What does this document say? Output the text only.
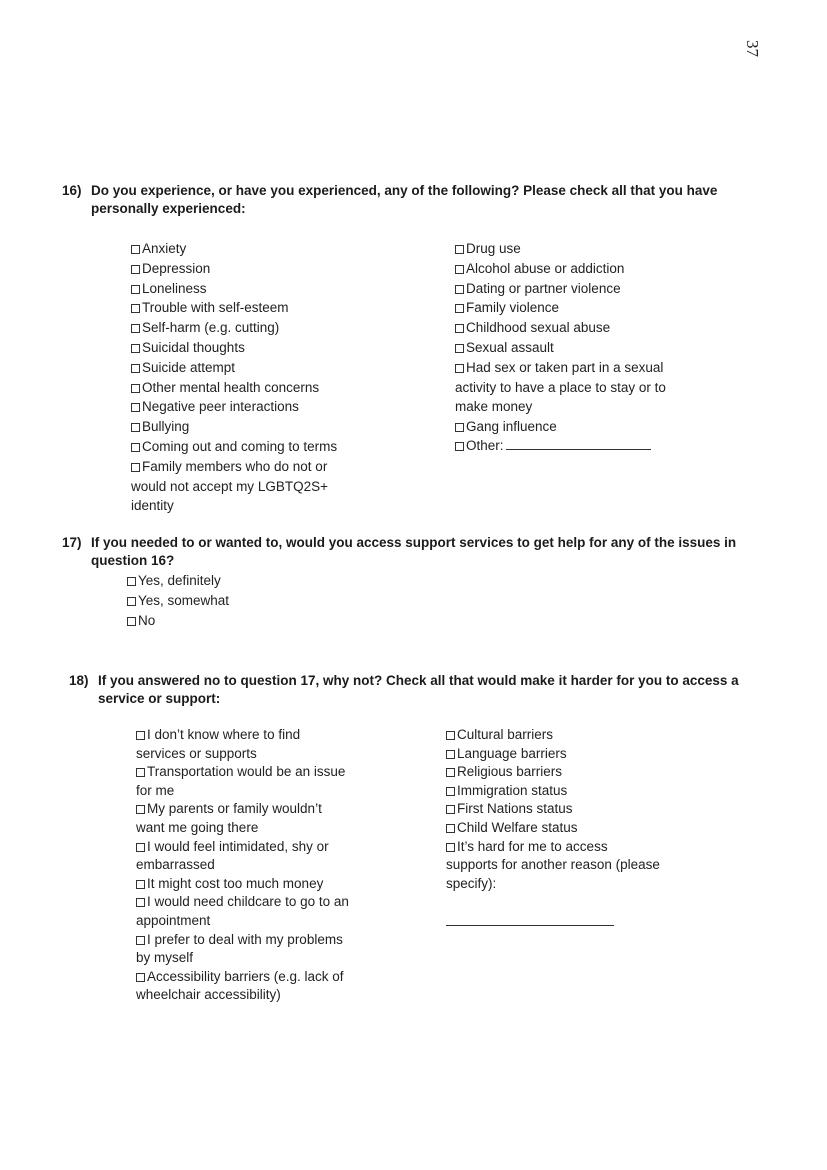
37
16) Do you experience, or have you experienced, any of the following? Please check all that you have personally experienced:
Anxiety
Depression
Loneliness
Trouble with self-esteem
Self-harm (e.g. cutting)
Suicidal thoughts
Suicide attempt
Other mental health concerns
Negative peer interactions
Bullying
Coming out and coming to terms
Family members who do not or
would not accept my LGBTQ2S+
identity
Drug use
Alcohol abuse or addiction
Dating or partner violence
Family violence
Childhood sexual abuse
Sexual assault
Had sex or taken part in a sexual
activity to have a place to stay or to
make money
Gang influence
Other:
17) If you needed to or wanted to, would you access support services to get help for any of the issues in question 16?
Yes, definitely
Yes, somewhat
No
18) If you answered no to question 17, why not? Check all that would make it harder for you to access a service or support:
I don’t know where to find
services or supports
Transportation would be an issue
for me
My parents or family wouldn’t
want me going there
I would feel intimidated, shy or
embarrassed
It might cost too much money
I would need childcare to go to an
appointment
I prefer to deal with my problems
by myself
Accessibility barriers (e.g. lack of
wheelchair accessibility)
Cultural barriers
Language barriers
Religious barriers
Immigration status
First Nations status
Child Welfare status
It’s hard for me to access
supports for another reason (please
specify):
